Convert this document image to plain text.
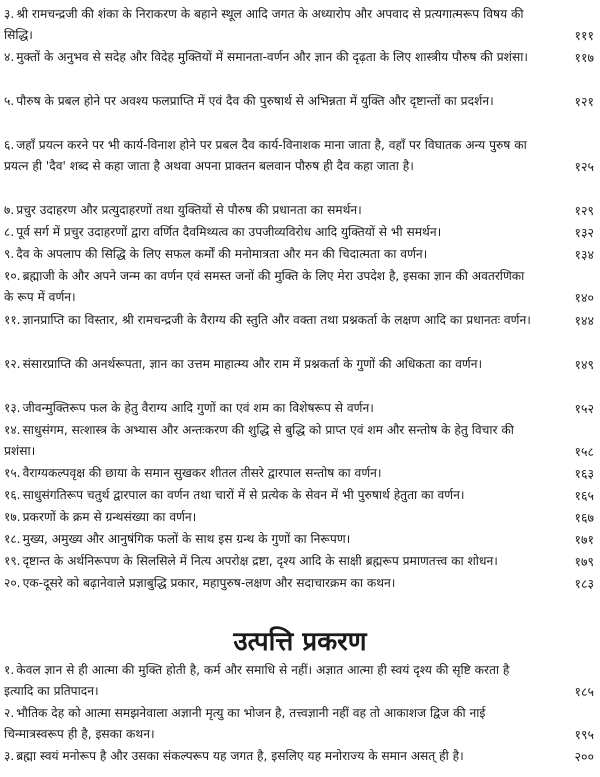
३. श्री रामचन्द्रजी की शंका के निराकरण के बहाने स्थूल आदि जगत के अध्यारोप और अपवाद से प्रत्यगात्मरूप विषय की सिद्धि।	१११
४. मुक्तों के अनुभव से सदेह और विदेह मुक्तियों में समानता-वर्णन और ज्ञान की दृढ़ता के लिए शास्त्रीय पौरुष की प्रशंसा।	११७
५. पौरुष के प्रबल होने पर अवश्य फलप्राप्ति में एवं दैव की पुरुषार्थ से अभिन्नता में युक्ति और दृष्टान्तों का प्रदर्शन।	१२१
६. जहाँ प्रयत्न करने पर भी कार्य-विनाश होने पर प्रबल दैव कार्य-विनाशक माना जाता है, वहाँ पर विघातक अन्य पुरुष का प्रयत्न ही 'दैव' शब्द से कहा जाता है अथवा अपना प्राक्तन बलवान पौरुष ही दैव कहा जाता है।	१२५
७. प्रचुर उदाहरण और प्रत्युदाहरणों तथा युक्तियों से पौरुष की प्रधानता का समर्थन।	१२९
८. पूर्व सर्ग में प्रचुर उदाहरणों द्वारा वर्णित दैवमिथ्यत्व का उपजीव्यविरोध आदि युक्तियों से भी समर्थन।	१३२
९. दैव के अपलाप की सिद्धि के लिए सफल कर्मों की मनोमात्रता और मन की चिदात्मता का वर्णन।	१३४
१०. ब्रह्माजी के और अपने जन्म का वर्णन एवं समस्त जनों की मुक्ति के लिए मेरा उपदेश है, इसका ज्ञान की अवतरणिका के रूप में वर्णन।	१४०
११. ज्ञानप्राप्ति का विस्तार, श्री रामचन्द्रजी के वैराग्य की स्तुति और वक्ता तथा प्रश्नकर्ता के लक्षण आदि का प्रधानतः वर्णन।	१४४
१२. संसारप्राप्ति की अनर्थरूपता, ज्ञान का उत्तम माहात्म्य और राम में प्रश्नकर्ता के गुणों की अधिकता का वर्णन।	१४९
१३. जीवन्मुक्तिरूप फल के हेतु वैराग्य आदि गुणों का एवं शम का विशेषरूप से वर्णन।	१५२
१४. साधुसंगम, सत्शास्त्र के अभ्यास और अन्तःकरण की शुद्धि से बुद्धि को प्राप्त एवं शम और सन्तोष के हेतु विचार की प्रशंसा।	१५८
१५. वैराग्यकल्पवृक्ष की छाया के समान सुखकर शीतल तीसरे द्वारपाल सन्तोष का वर्णन।	१६३
१६. साधुसंगतिरूप चतुर्थ द्वारपाल का वर्णन तथा चारों में से प्रत्येक के सेवन में भी पुरुषार्थ हेतुता का वर्णन।	१६५
१७. प्रकरणों के क्रम से ग्रन्थसंख्या का वर्णन।	१६७
१८. मुख्य, अमुख्य और आनुषंगिक फलों के साथ इस ग्रन्थ के गुणों का निरूपण।	१७१
१९. दृष्टान्त के अर्थनिरूपण के सिलसिले में नित्य अपरोक्ष द्रष्टा, दृश्य आदि के साक्षी ब्रह्मरूप प्रमाणतत्त्व का शोधन।	१७९
२०. एक-दूसरे को बढ़ानेवाले प्रज्ञाबुद्धि प्रकार, महापुरुष-लक्षण और सदाचारक्रम का कथन।	१८३
उत्पत्ति प्रकरण
१. केवल ज्ञान से ही आत्मा की मुक्ति होती है, कर्म और समाधि से नहीं। अज्ञात आत्मा ही स्वयं दृश्य की सृष्टि करता है इत्यादि का प्रतिपादन।	१८५
२. भौतिक देह को आत्मा समझनेवाला अज्ञानी मृत्यु का भोजन है, तत्त्वज्ञानी नहीं वह तो आकाशज द्विज की नाई चिन्मात्रस्वरूप ही है, इसका कथन।	१९५
३. ब्रह्मा स्वयं मनोरूप है और उसका संकल्परूप यह जगत है, इसलिए यह मनोराज्य के समान असत् ही है।	२००
